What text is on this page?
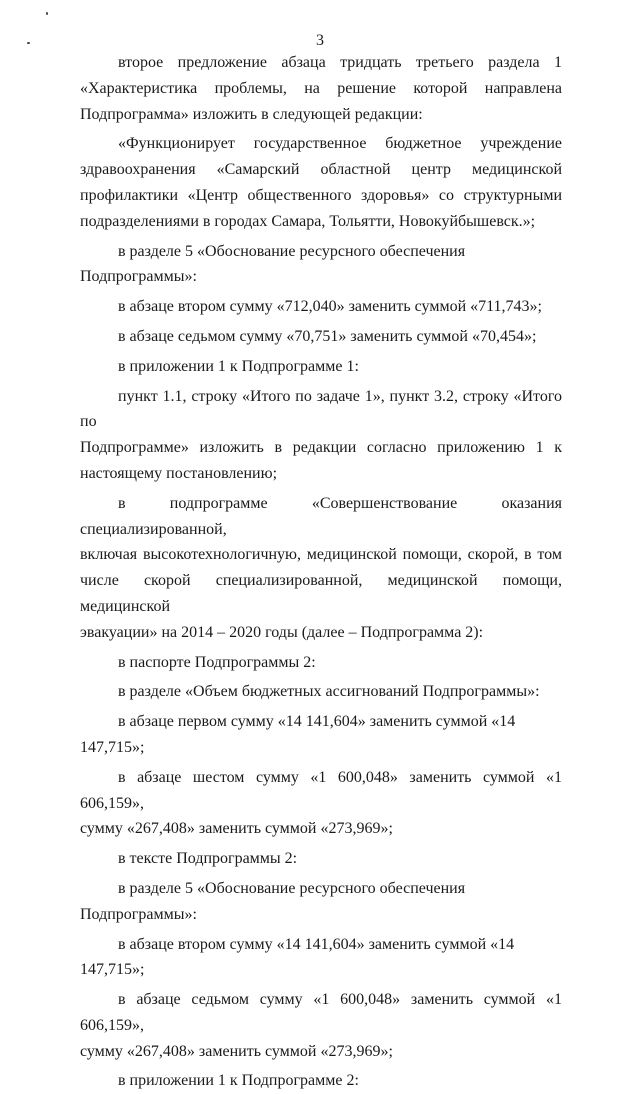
3

второе предложение абзаца тридцать третьего раздела 1

«Характеристика проблемы, на решение которой направлена

Подпрограмма» изложить в следующей редакции:

«Функционирует государственное бюджетное учреждение

здравоохранения «Самарский областной центр медицинской

профилактики «Центр общественного здоровья» со структурными

подразделениями в городах Самара, Тольятти, Новокуйбышевск.»;

в разделе 5 «Обоснование ресурсного обеспечения Подпрограммы»:

в абзаце втором сумму «712,040» заменить суммой «711,743»;

в абзаце седьмом сумму «70,751» заменить суммой «70,454»;

в приложении 1 к Подпрограмме 1:

пункт 1.1, строку «Итого по задаче 1», пункт 3.2, строку «Итого по

Подпрограмме» изложить в редакции согласно приложению 1 к

настоящему постановлению;

в подпрограмме «Совершенствование оказания специализированной,

включая высокотехнологичную, медицинской помощи, скорой, в том

числе скорой специализированной, медицинской помощи, медицинской

эвакуации» на 2014 – 2020 годы (далее – Подпрограмма 2):

в паспорте Подпрограммы 2:

в разделе «Объем бюджетных ассигнований Подпрограммы»:

в абзаце первом сумму «14 141,604» заменить суммой «14 147,715»;

в абзаце шестом сумму «1 600,048» заменить суммой «1 606,159»,

сумму «267,408» заменить суммой «273,969»;

в тексте Подпрограммы 2:

в разделе 5 «Обоснование ресурсного обеспечения Подпрограммы»:

в абзаце втором сумму «14 141,604» заменить суммой «14 147,715»;

в абзаце седьмом сумму «1 600,048» заменить суммой «1 606,159»,

сумму «267,408» заменить суммой «273,969»;

в приложении 1 к Подпрограмме 2:
